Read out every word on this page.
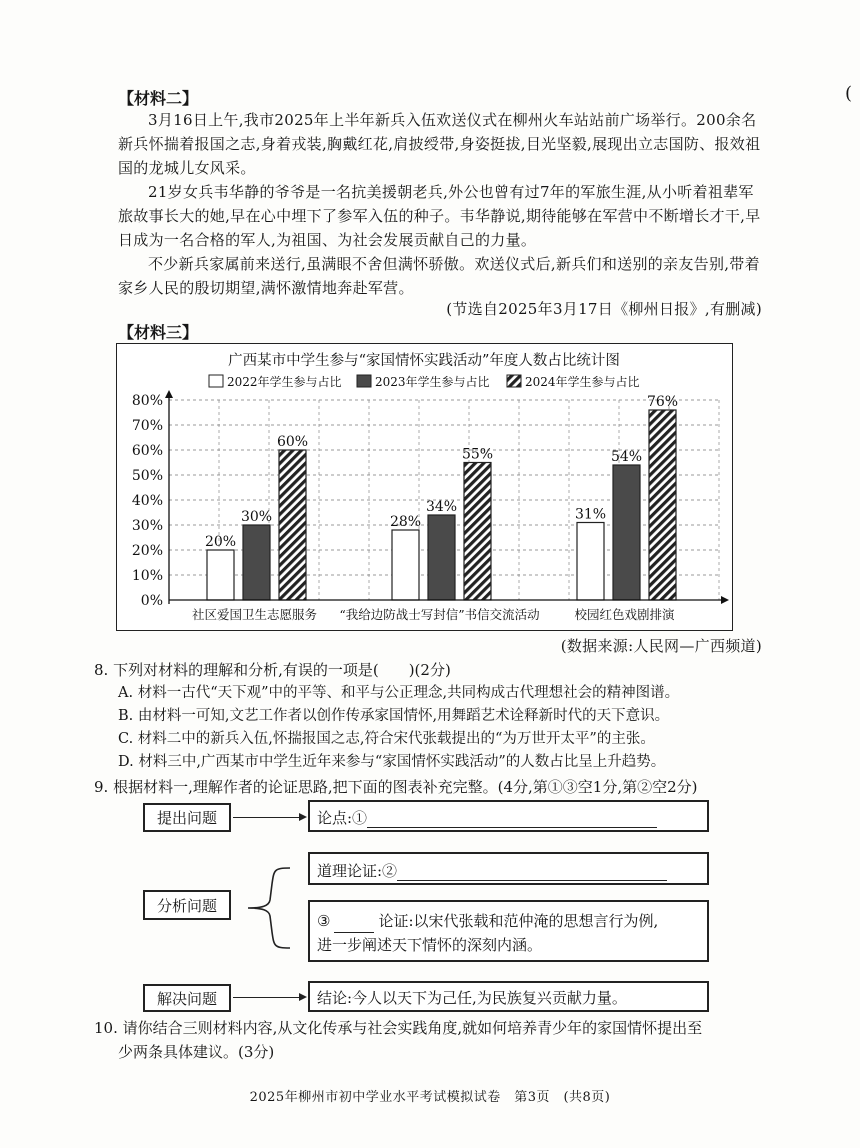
(
【材料二】
3月16日上午,我市2025年上半年新兵入伍欢送仪式在柳州火车站站前广场举行。200余名新兵怀揣着报国之志,身着戎装,胸戴红花,肩披绶带,身姿挺拔,目光坚毅,展现出立志国防、报效祖国的龙城儿女风采。
21岁女兵韦华静的爷爷是一名抗美援朝老兵,外公也曾有过7年的军旅生涯,从小听着祖辈军旅故事长大的她,早在心中埋下了参军入伍的种子。韦华静说,期待能够在军营中不断增长才干,早日成为一名合格的军人,为祖国、为社会发展贡献自己的力量。
不少新兵家属前来送行,虽满眼不舍但满怀骄傲。欢送仪式后,新兵们和送别的亲友告别,带着家乡人民的殷切期望,满怀激情地奔赴军营。
(节选自2025年3月17日《柳州日报》,有删减)
【材料三】
广西某市中学生参与“家国情怀实践活动”年度人数占比统计图
2022年学生参与占比	2023年学生参与占比	2024年学生参与占比
0%
10%
20%
30%
40%
50%
60%
70%
80%
20%
30%
60%
社区爱国卫生志愿服务
28%
34%
55%
“我给边防战士写封信”书信交流活动
31%
54%
76%
校园红色戏剧排演
(数据来源:人民网—广西频道)
8. 下列对材料的理解和分析,有误的一项是(　　)(2分)
A. 材料一古代“天下观”中的平等、和平与公正理念,共同构成古代理想社会的精神图谱。
B. 由材料一可知,文艺工作者以创作传承家国情怀,用舞蹈艺术诠释新时代的天下意识。
C. 材料二中的新兵入伍,怀揣报国之志,符合宋代张载提出的“为万世开太平”的主张。
D. 材料三中,广西某市中学生近年来参与“家国情怀实践活动”的人数占比呈上升趋势。
9. 根据材料一,理解作者的论证思路,把下面的图表补充完整。(4分,第①③空1分,第②空2分)
提出问题	论点:①
道理论证:②
分析问题
③	论证:以宋代张载和范仲淹的思想言行为例,
进一步阐述天下情怀的深刻内涵。
解决问题	结论:今人以天下为己任,为民族复兴贡献力量。
10. 请你结合三则材料内容,从文化传承与社会实践角度,就如何培养青少年的家国情怀提出至
少两条具体建议。(3分)
2025年柳州市初中学业水平考试模拟试卷　第3页　(共8页)
